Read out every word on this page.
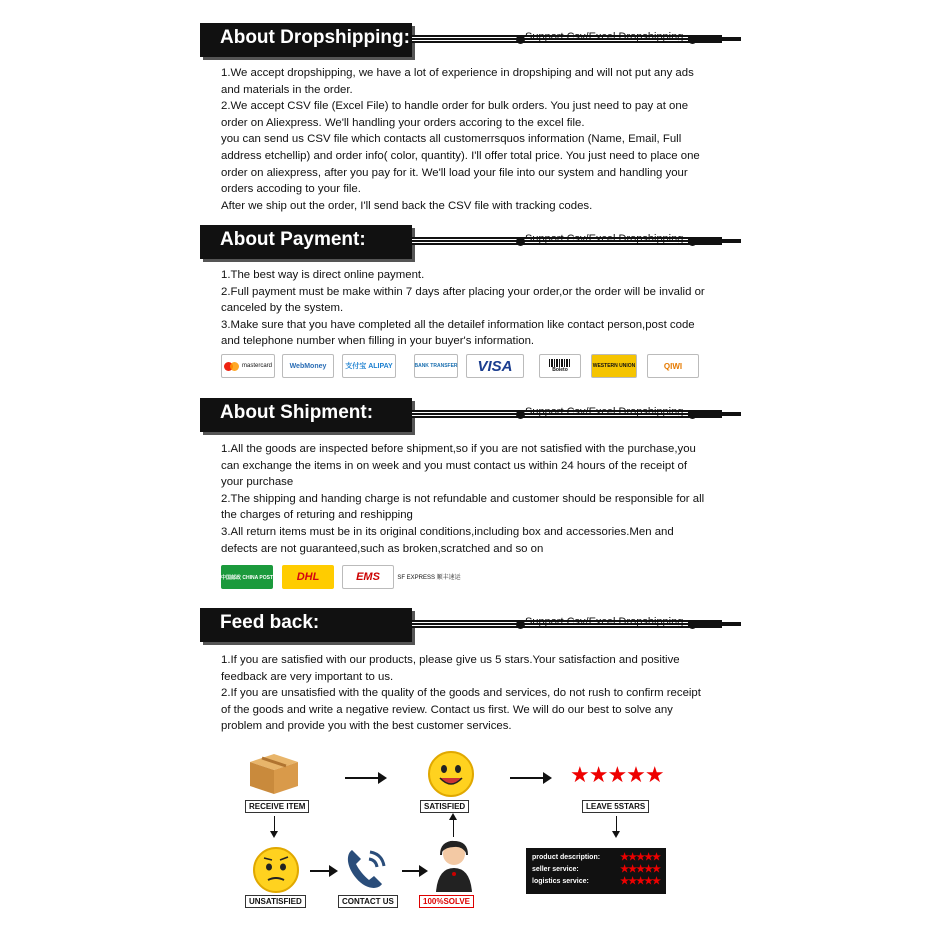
About Dropshipping:	Support Csv/Excel Dropshipping

1.We accept dropshipping, we have a lot of experience in dropshiping and will not put any ads and materials in the order.

2.We accept CSV file (Excel File) to handle order for bulk orders. You just need to pay at one order on Aliexpress. We'll handling your orders accoring to the excel file.

you can send us CSV file which contacts all customerrsquos information (Name, Email, Full address etchellip) and order info( color, quantity). I'll offer total price. You just need to place one order on aliexpress, after you pay for it. We'll load your file into our system and handling your orders accoding to your file.

After we ship out the order, I'll send back the CSV file with tracking codes.

About Payment:	Support Csv/Excel Dropshipping

1.The best way is direct online payment.

2.Full payment must be make within 7 days after placing your order,or the order will be invalid or canceled by the system.

3.Make sure that you have completed all the detailef information like contact person,post code and telephone number when filling in your buyer's information.

mastercard	WebMoney	支付宝 ALIPAY	BANK TRANSFER VISA	Boleto
WESTERN UNION	QIWI
About Shipment:	Support Csv/Excel Dropshipping

1.All the goods are inspected before shipment,so if you are not satisfied with the purchase,you can exchange the items in on week and you must contact us within 24 hours of the receipt of your purchase

2.The shipping and handing charge is not refundable and customer should be responsible for all the charges of returing and reshipping

3.All return items must be in its original conditions,including box and accessories.Men and defects are not guaranteed,such as broken,scratched and so on

中国邮政 CHINA POST DHL	EMS	SF EXPRESS 顺丰速运
Feed back:	Support Csv/Excel Dropshipping

1.If you are satisfied with our products, please give us 5 stars.Your satisfaction and positive feedback are very important to us.

2.If you are unsatisfied with the quality of the goods and services, do not rush to confirm receipt of the goods and write a negative review. Contact us first. We will do our best to solve any problem and provide you with the best customer services.

RECEIVE ITEM	SATISFIED
★★★★★
LEAVE 5STARS
UNSATISFIED	CONTACT US	100%SOLVE
product description: ★★★★★
seller service:	★★★★★
logistics service:	★★★★★
